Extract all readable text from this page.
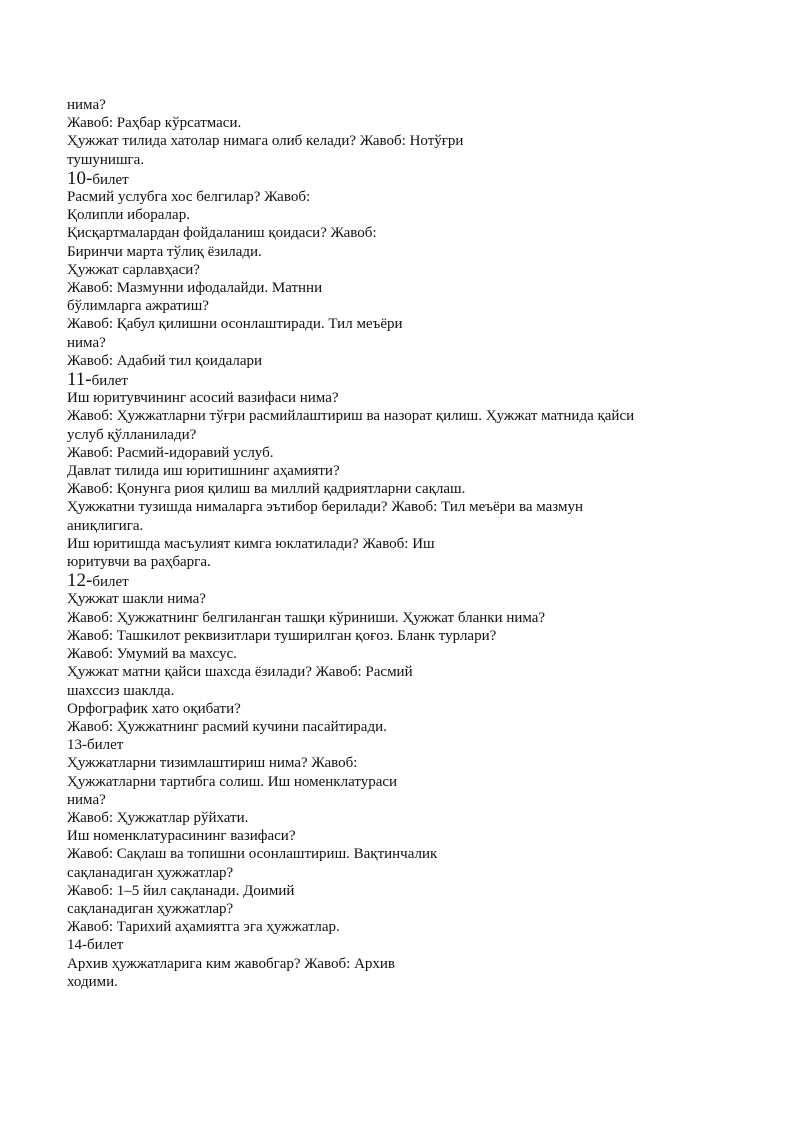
нима?
Жавоб: Раҳбар кўрсатмаси.
Ҳужжат тилида хатолар нимага олиб келади? Жавоб: Нотўғри
тушунишга.
10-билет
Расмий услубга хос белгилар? Жавоб:
Қолипли иборалар.
Қисқартмалардан фойдаланиш қоидаси? Жавоб:
Биринчи марта тўлиқ ёзилади.
Ҳужжат сарлавҳаси?
Жавоб: Мазмунни ифодалайди. Матнни
бўлимларга ажратиш?
Жавоб: Қабул қилишни осонлаштиради. Тил меъёри
нима?
Жавоб: Адабий тил қоидалари
11-билет
Иш юритувчининг асосий вазифаси нима?
Жавоб: Ҳужжатларни тўғри расмийлаштириш ва назорат қилиш. Ҳужжат матнида қайси
услуб қўлланилади?
Жавоб: Расмий-идоравий услуб.
Давлат тилида иш юритишнинг аҳамияти?
Жавоб: Қонунга риоя қилиш ва миллий қадриятларни сақлаш.
Ҳужжатни тузишда нималарга эътибор берилади? Жавоб: Тил меъёри ва мазмун
аниқлигига.
Иш юритишда масъулият кимга юклатилади? Жавоб: Иш
юритувчи ва раҳбарга.
12-билет
Ҳужжат шакли нима?
Жавоб: Ҳужжатнинг белгиланган ташқи кўриниши. Ҳужжат бланки нима?
Жавоб: Ташкилот реквизитлари туширилган қоғоз. Бланк турлари?
Жавоб: Умумий ва махсус.
Ҳужжат матни қайси шахсда ёзилади? Жавоб: Расмий
шахссиз шаклда.
Орфографик хато оқибати?
Жавоб: Ҳужжатнинг расмий кучини пасайтиради.
13-билет
Ҳужжатларни тизимлаштириш нима? Жавоб:
Ҳужжатларни тартибга солиш. Иш номенклатураси
нима?
Жавоб: Ҳужжатлар рўйхати.
Иш номенклатурасининг вазифаси?
Жавоб: Сақлаш ва топишни осонлаштириш. Вақтинчалик
сақланадиган ҳужжатлар?
Жавоб: 1–5 йил сақланади. Доимий
сақланадиган ҳужжатлар?
Жавоб: Тарихий аҳамиятга эга ҳужжатлар.
14-билет
Архив ҳужжатларига ким жавобгар? Жавоб: Архив
ходими.
